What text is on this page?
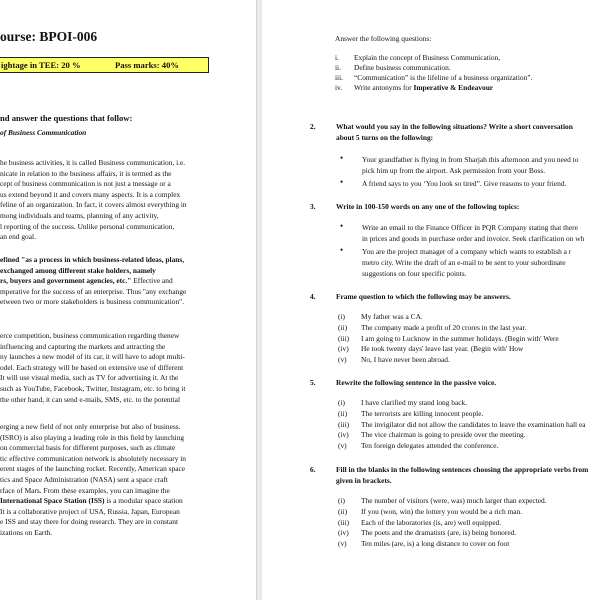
ourse: BPOI-006
ightage in TEE: 20 %	Pass marks: 40%
nd answer the questions that follow:
of Business Communication
he business activities, it is called Business communication, i.e.
nicate in relation to the business affairs, it is termed as the
cept of business communication is not just a message or a
us extend beyond it and covers many aspects. It is a complex
feline of an organization. In fact, it covers almost everything in
mong individuals and teams, planning of any activity,
l reporting of the success. Unlike personal communication,
an end goal.
efined "as a process in which business-related ideas, plans,
exchanged among different stake holders, namely
rs, buyers and government agencies, etc." Effective and
mperative for the success of an enterprise. Thus "any exchange
etween two or more stakeholders is business communication".
erce competition, business communication regarding thenew
influencing and capturing the markets and attracting the
ny launches a new model of its car, it will have to adopt multi-
odel. Each strategy will be based on extensive use of different
It will use visual media, such as TV for advertising it. At the
such as YouTube, Facebook, Twitter, Instagram, etc. to bring it
the other hand, it can send e-mails, SMS, etc. to the potential
erging a new field of not only enterprise but also of business.
(ISRO) is also playing a leading role in this field by launching
on commercial basis for different purposes, such as climate
tic effective communication network is absolutely necessary in
erent stages of the launching rocket. Recently, American space
tics and Space Administration (NASA) sent a space craft
rface of Mars. From these examples, you can imagine the
International Space Station (ISS) is a modular space station
It is a collaborative project of USA, Russia, Japan, European
e ISS and stay there for doing research. They are in constant
izations on Earth.
Answer the following questions:
i. Explain the concept of Business Communication,
ii. Define business communication.
iii. “Communication” is the lifeline of a business organization”.
iv. Write antonyms for Imperative & Endeavour
2.	What would you say in the following situations? Write a short conversation
about 5 turns on the following:
3.	Write in 100-150 words on any one of the following topics:
4.	Frame question to which the following may be answers.
5.	Rewrite the following sentence in the passive voice.
6.	Fill in the blanks in the following sentences choosing the appropriate verbs from
given in brackets.
•	Your grandfather is flying in from Sharjah this afternoon and you need to
pick him up from the airport. Ask permission from your Boss.
•	A friend says to you ‘You look so tired”. Give reasons to your friend.
•	Write an email to the Finance Officer in PQR Company stating that there
in prices and goods in purchase order and invoice. Seek clarification on wh
•	You are the project manager of a company which wants to establish a r
metro city. Write the draft of an e-mail to be sent to your subordinate
suggestions on four specific points.
(i) My father was a CA.
(ii) The company made a profit of 20 crores in the last year.
(iii) I am going to Lucknow in the summer holidays. (Begin with' Were
(iv) He took twenty days' leave last year. (Begin with' How
(v) No, I have never been abroad.
(i) I have clarified my stand long back.
(ii) The terrorists are killing innocent people.
(iii) The invigilator did not allow the candidates to leave the examination hall ea
(iv) The vice chairman is going to preside over the meeting.
(v) Ten foreign delegates attended the conference.
(i) The number of visitors (were, was) much larger than expected.
(ii) If you (won, win) the lottery you would be a rich man.
(iii) Each of the laboratories (is, are) well equipped.
(iv) The poets and the dramatists (are, is) being honored.
(v) Ten miles (are, is) a long distance to cover on foot
